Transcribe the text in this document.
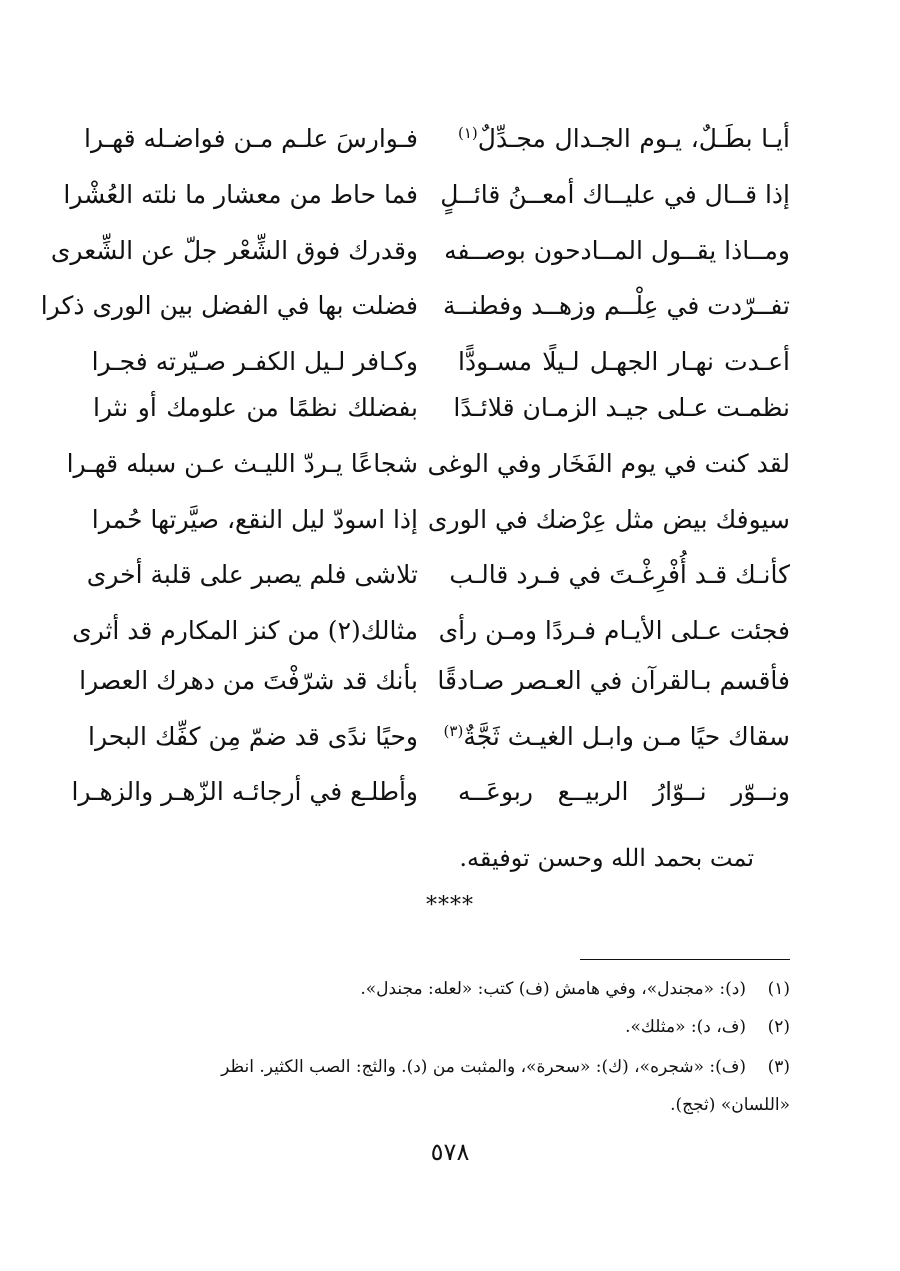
أيـا بطَـلٌ، يـوم الجـدال مجـدِّلٌ$^{(١)}$
فـوارسَ علـم مـن فواضـله قهـرا
إذا قــال في عليــاك أمعــنُ قائــلٍ
فما حاط من معشار ما نلته العُشْرا
ومــاذا يقــول المــادحون بوصــفه
وقدرك فوق الشِّعْر جلّ عن الشِّعرى
تفــرّدت في عِلْــم وزهــد وفطنــة
فضلت بها في الفضل بين الورى ذكرا
أعـدت نهـار الجهـل لـيلًا مسـودًّا
وكـافر لـيل الكفـر صـيّرته فجـرا
نظمـت عـلى جيـد الزمـان قلائـدًا
بفضلك نظمًا من علومك أو نثرا
لقد كنت في يوم الفَخَار وفي الوغى
شجاعًا يـردّ الليـث عـن سبله قهـرا
سيوفك بيض مثل عِرْضك في الورى
إذا اسودّ ليل النقع، صيَّرتها حُمرا
كأنـك قـد أُفْرِغْـتَ في فـرد قالـب
تلاشى فلم يصبر على قلبة أخرى
فجئت عـلى الأيـام فـردًا ومـن رأى
مثالك(٢) من كنز المكارم قد أثرى
فأقسم بـالقرآن في العـصر صـادقًا
بأنك قد شرّفْتَ من دهرك العصرا
سقاك حيًا مـن وابـل الغيـث ثَجَّةٌ$^{(٣)}$
وحيًا ندًى قد ضمّ مِن كفِّك البحرا
ونــوّر نــوّارُ الربيــع ربوعَــه
وأطلـع في أرجائـه الزّهـر والزهـرا
تمت بحمد الله وحسن توفيقه.
****
(١)(د): «مجندل»، وفي هامش (ف) كتب: «لعله: مجندل».
(٢)(ف، د): «مثلك».
(٣)(ف): «شجره»، (ك): «سحرة»، والمثبت من (د). والثج: الصب الكثير. انظر
«اللسان» (ثجج).
٥٧٨
